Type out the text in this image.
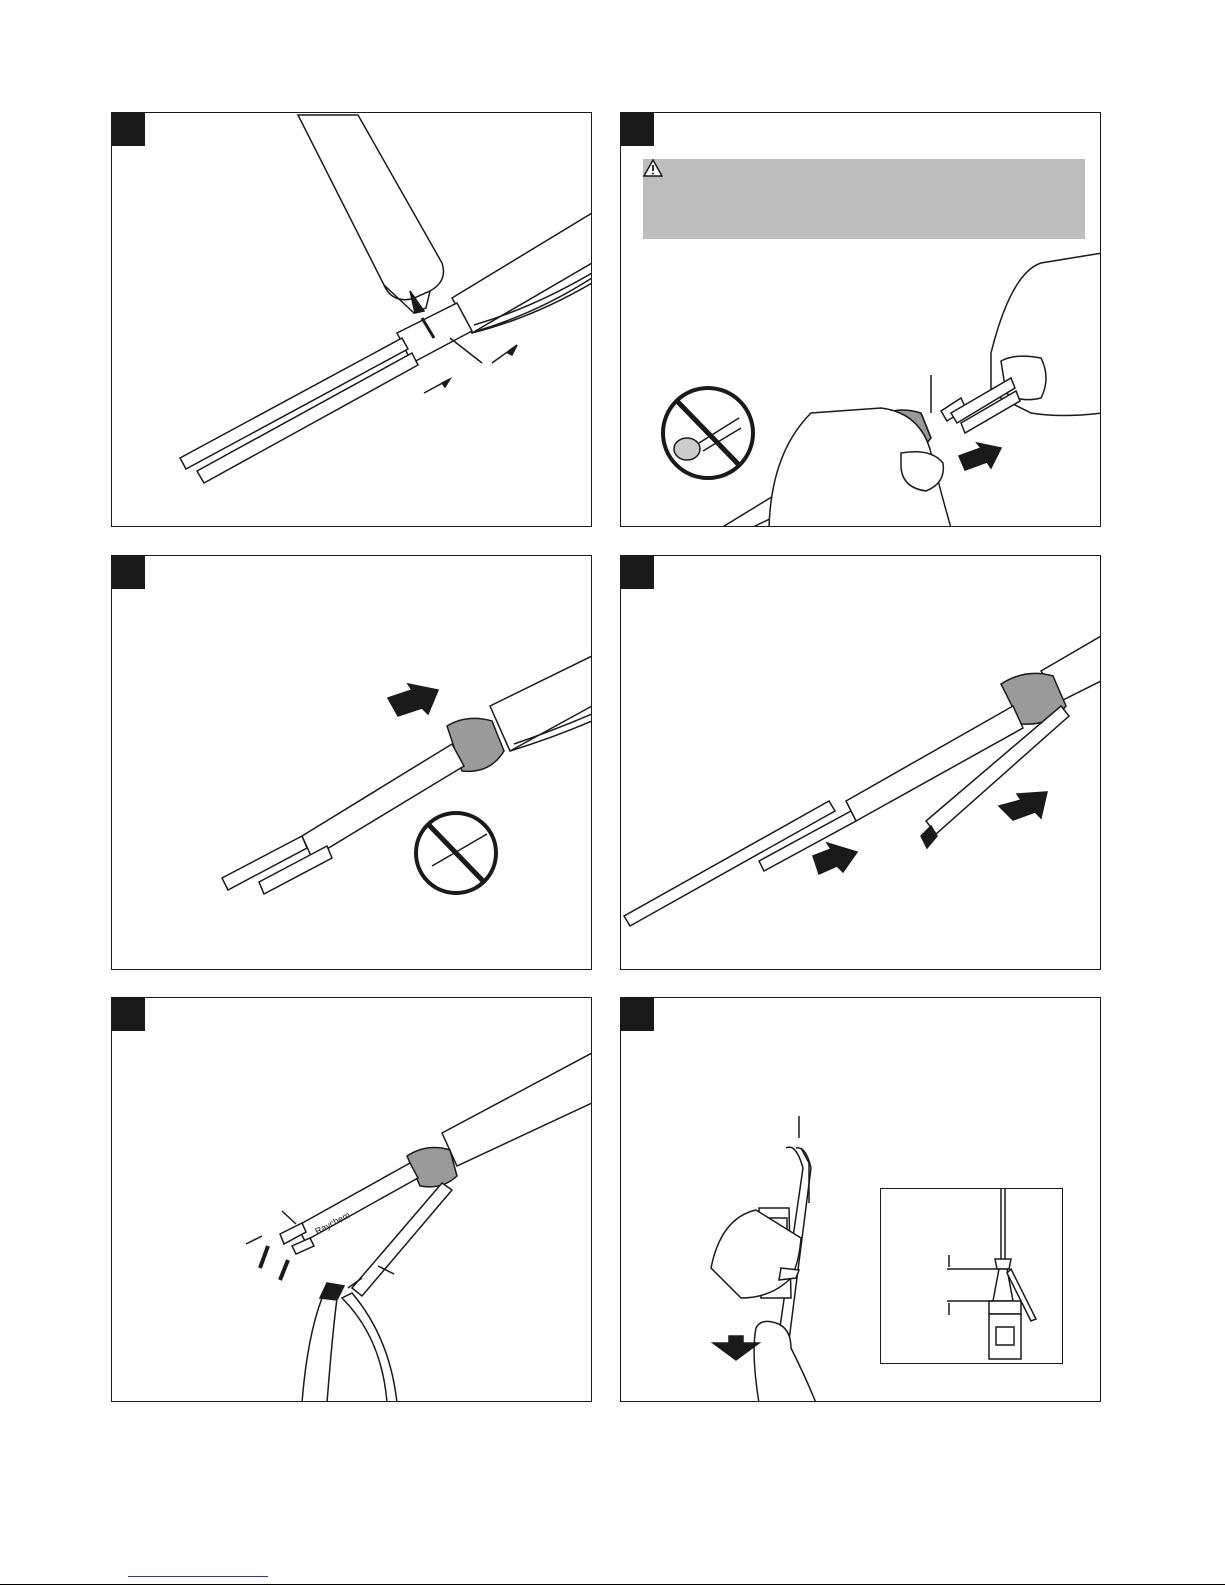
Raychem
